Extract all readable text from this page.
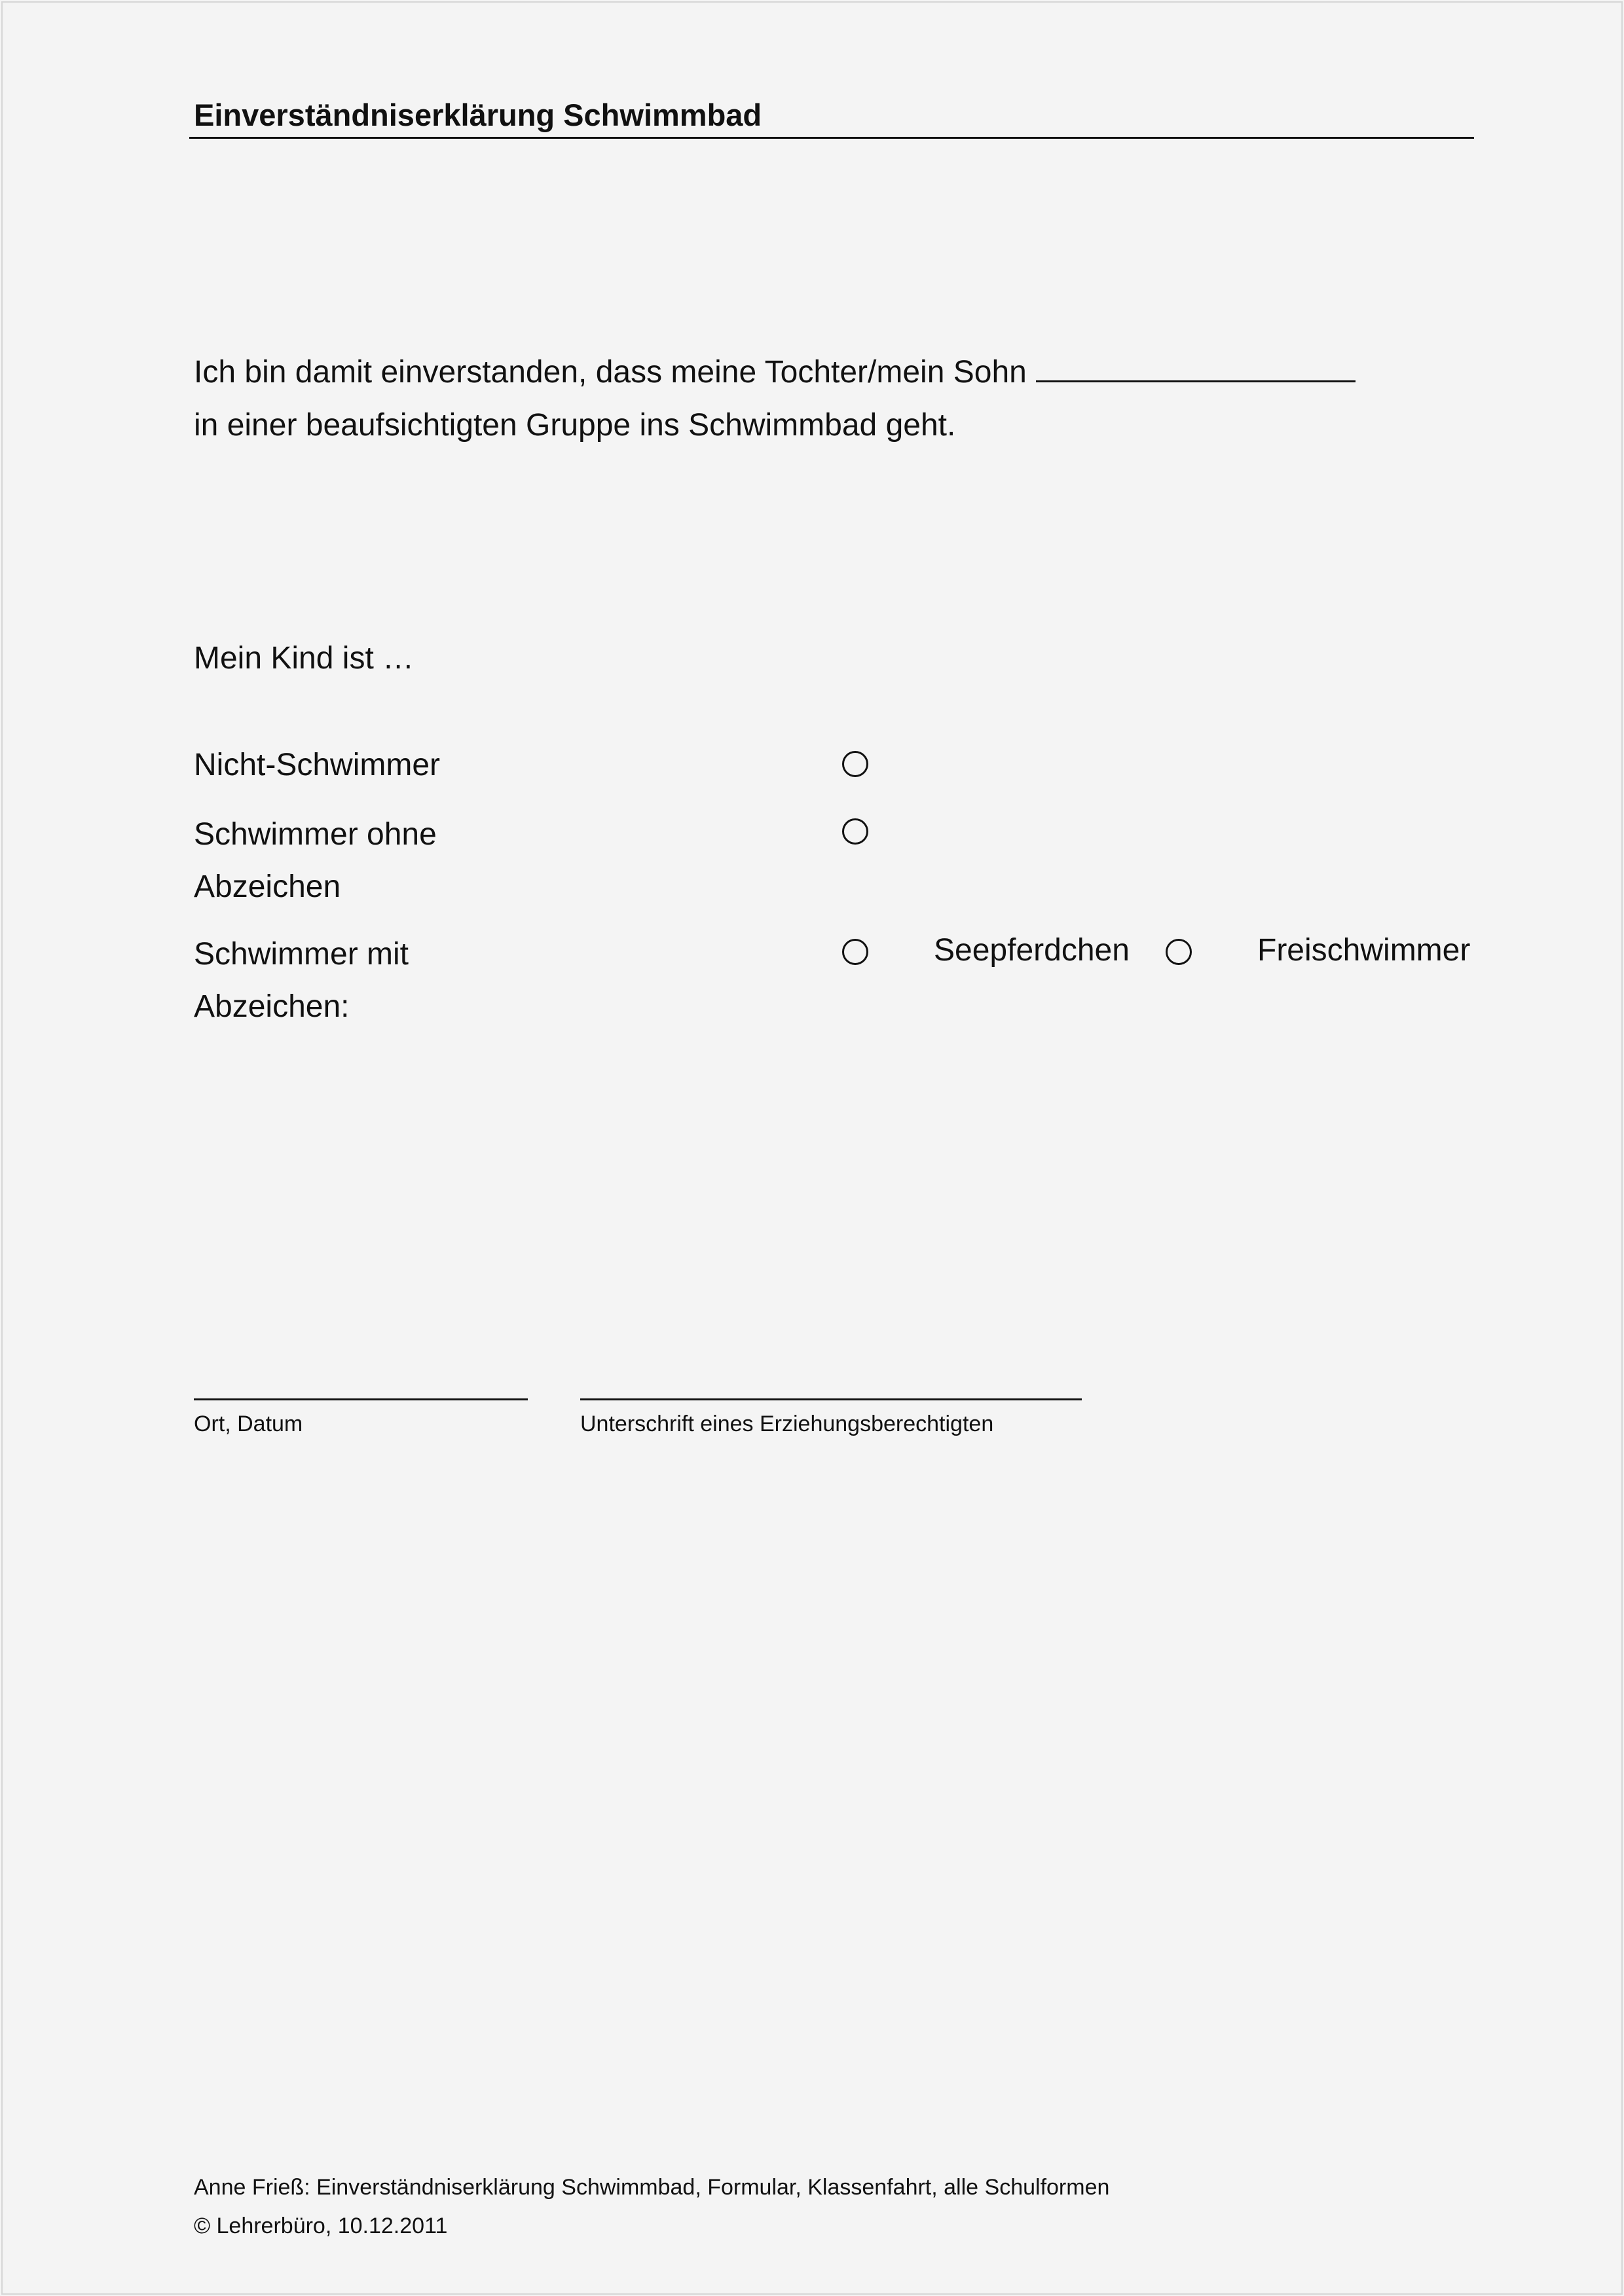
Einverständniserklärung Schwimmbad
Ich bin damit einverstanden, dass meine Tochter/mein Sohn
in einer beaufsichtigten Gruppe ins Schwimmbad geht.
Mein Kind ist …
Nicht-Schwimmer
Schwimmer ohne
Abzeichen
Schwimmer mit
Abzeichen:
Seepferdchen	Freischwimmer
Ort, Datum	Unterschrift eines Erziehungsberechtigten
Anne Frieß: Einverständniserklärung Schwimmbad, Formular, Klassenfahrt, alle Schulformen
© Lehrerbüro, 10.12.2011
